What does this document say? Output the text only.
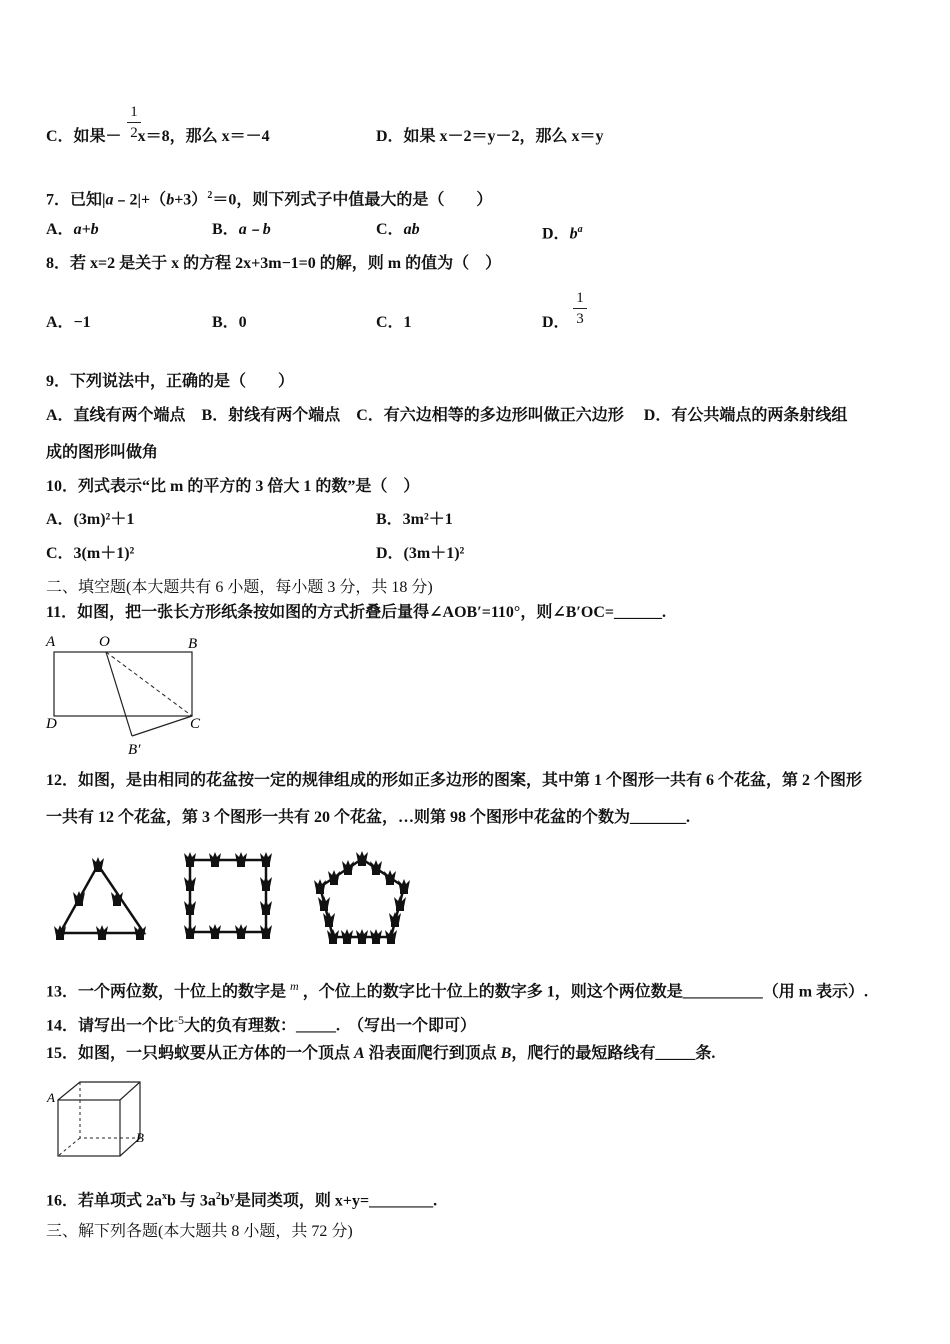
C．如果－ x＝8，那么 x＝－4
1
2	D．如果 x－2＝y－2，那么 x＝y
7．已知$|a﹣2|+(b+3)^2=0$，则下列式子中值最大的是（　　）
A．a+b	B．a﹣b	C．ab	D．$b^a$
8．若 x=2 是关于 x 的方程 2x+3m−1=0 的解，则 m 的值为（　）
A．−1	B．0	C．1	D．
1
3
9．下列说法中，正确的是（　　）
A．直线有两个端点　B．射线有两个端点　C．有六边相等的多边形叫做正六边形　 D．有公共端点的两条射线组
成的图形叫做角
10．列式表示“比 m 的平方的 3 倍大 1 的数”是（　）
A．(3m)²＋1	B．3m²＋1
C．3(m＋1)²	D．(3m＋1)²
二、填空题(本大题共有 6 小题，每小题 3 分，共 18 分)
11．如图，把一张长方形纸条按如图的方式折叠后量得∠AOB′=110°，则∠B′OC=______.
A	O	B
D	C
B′
12．如图，是由相同的花盆按一定的规律组成的形如正多边形的图案，其中第 1 个图形一共有 6 个花盆，第 2 个图形
一共有 12 个花盆，第 3 个图形一共有 20 个花盆，…则第 98 个图形中花盆的个数为_______.
13．一个两位数，十位上的数字是 $^m$ ，个位上的数字比十位上的数字多 1，则这个两位数是__________（用 m 表示）.
14．请写出一个比$^{-5}$大的负有理数：_____.　（写出一个即可）
15．如图，一只蚂蚁要从正方体的一个顶点 A 沿表面爬行到顶点 B，爬行的最短路线有_____条.
A
B
16．若单项式 $2a^xb$ 与 $3a^2b^y$是同类项，则 x+y=________.
三、解下列各题(本大题共 8 小题，共 72 分)
